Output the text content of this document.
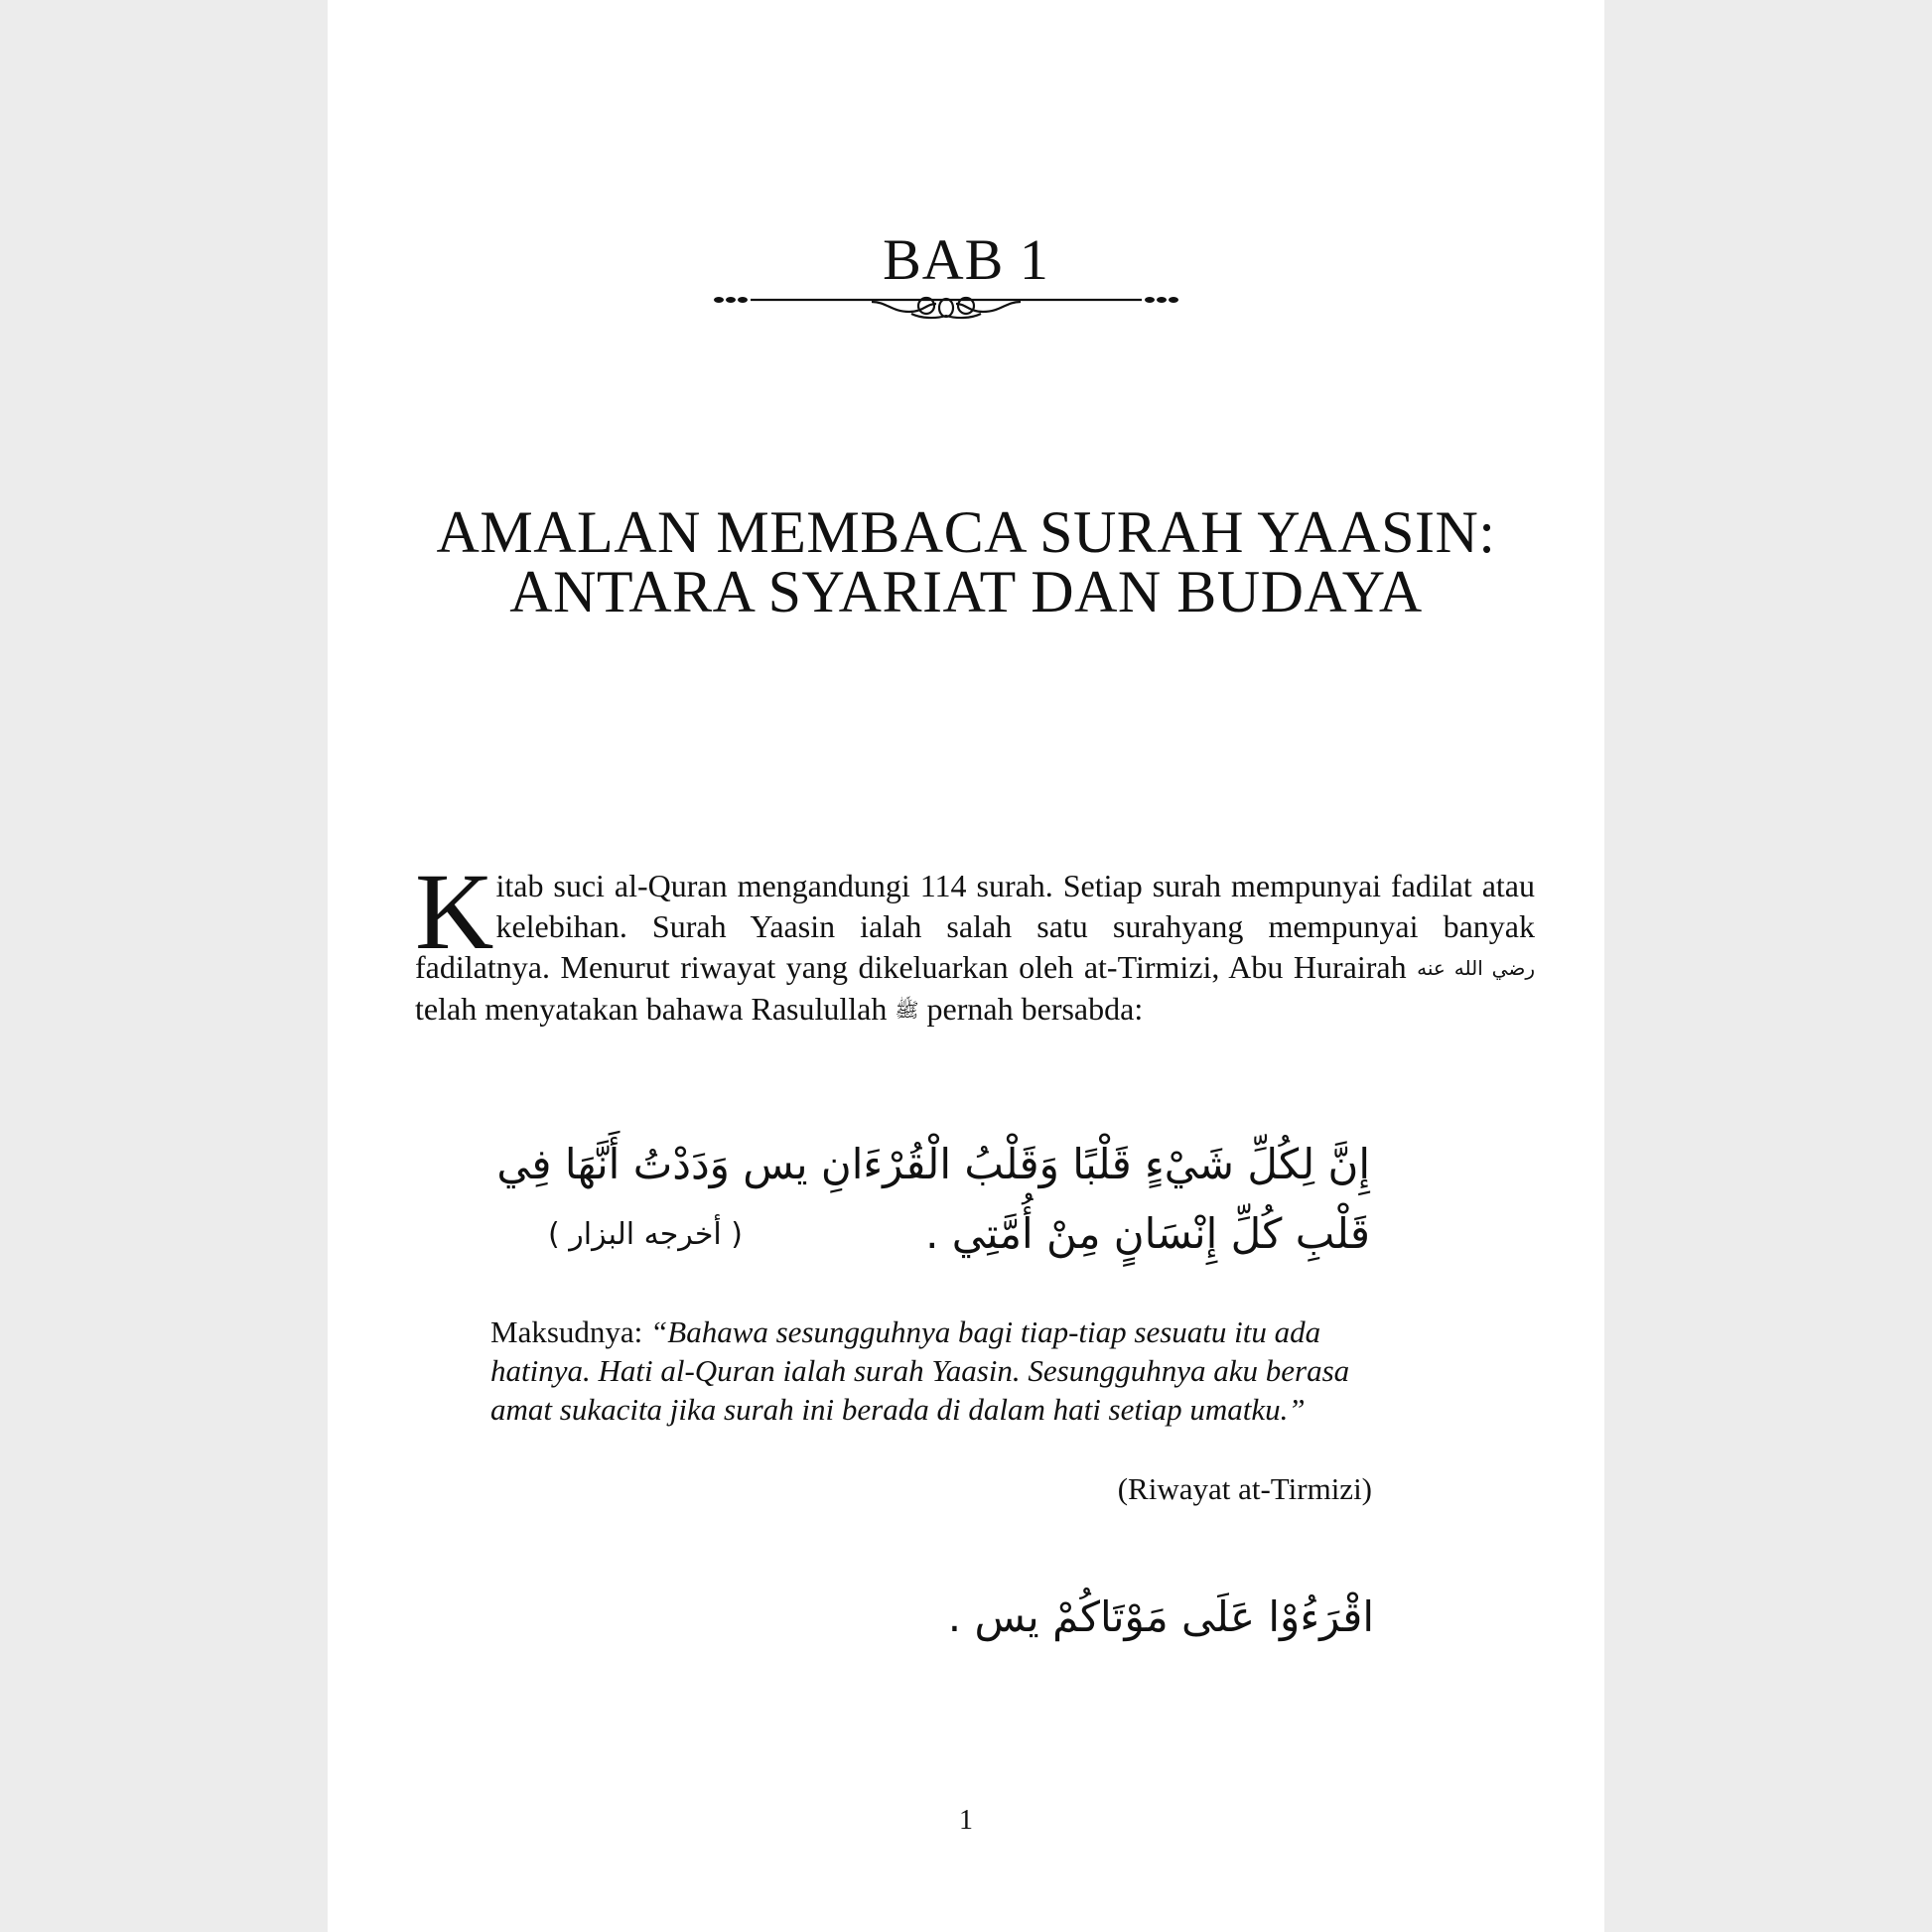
BAB 1
AMALAN MEMBACA SURAH YAASIN:
ANTARA SYARIAT DAN BUDAYA

Kitab suci al-Quran mengandungi 114 surah. Setiap surah mempunyai fadilat atau kelebihan. Surah Yaasin ialah salah satu surahyang mempunyai banyak fadilatnya. Menurut riwayat yang dikeluarkan oleh at-Tirmizi, Abu Hurairah رضي الله عنه telah menyatakan bahawa Rasulullah ﷺ pernah bersabda:

إِنَّ لِكُلِّ شَيْءٍ قَلْبًا وَقَلْبُ الْقُرْءَانِ يس وَدَدْتُ أَنَّهَا فِي
قَلْبِ كُلِّ إِنْسَانٍ مِنْ أُمَّتِي .
( أخرجه البزار )

Maksudnya: “Bahawa sesungguhnya bagi tiap-tiap sesuatu itu ada hatinya. Hati al-Quran ialah surah Yaasin. Sesungguhnya aku berasa amat sukacita jika surah ini berada di dalam hati setiap umatku.”

(Riwayat at-Tirmizi)

اقْرَءُوْا عَلَى مَوْتَاكُمْ يس .
1
